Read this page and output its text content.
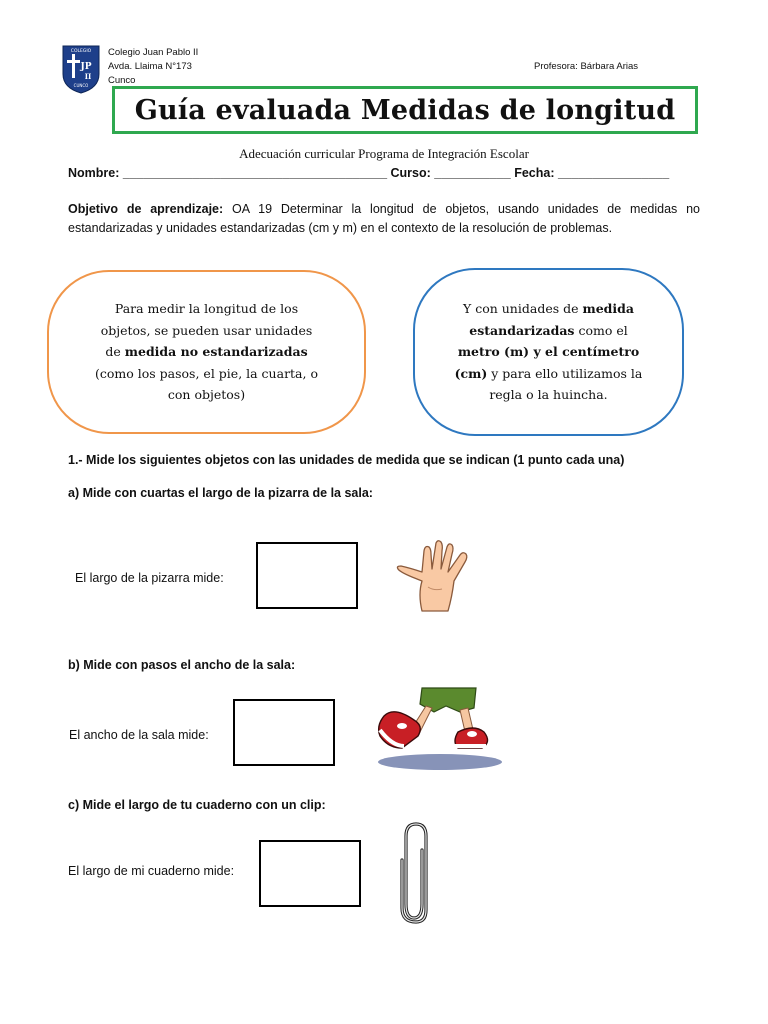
COLEGIO
JP
II
CUNCO
Colegio Juan Pablo II
Avda. Llaima N°173
Cunco
Profesora: Bárbara Arias
Guía evaluada Medidas de longitud
Adecuación curricular Programa de Integración Escolar
Nombre: ______________________________________ Curso: ___________ Fecha: ________________
Objetivo de aprendizaje: OA 19 Determinar la longitud de objetos, usando unidades de medidas no estandarizadas y unidades estandarizadas (cm y m) en el contexto de la resolución de problemas.

Para medir la longitud de los

objetos, se pueden usar unidades

de medida no estandarizadas

(como los pasos, el pie, la cuarta, o

con objetos)

Y con unidades de medida

estandarizadas como el

metro (m) y el centímetro

(cm) y para ello utilizamos la

regla o la huincha.

1.- Mide los siguientes objetos con las unidades de medida que se indican (1 punto cada una)
a) Mide con cuartas el largo de la pizarra de la sala:
El largo de la pizarra mide:
b) Mide con pasos el ancho de la sala:
El ancho de la sala mide:
c) Mide el largo de tu cuaderno con un clip:
El largo de mi cuaderno mide:
